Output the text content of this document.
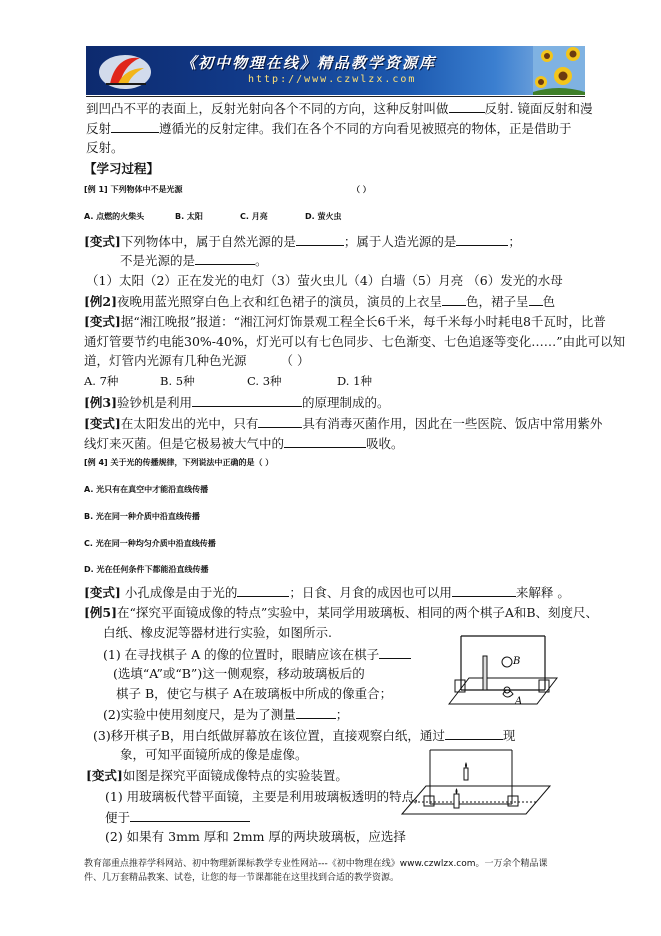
《初中物理在线》精品教学资源库
http://www.czwlzx.com
到凹凸不平的表面上，反射光射向各个不同的方向，这种反射叫做	反射. 镜面反射和漫
反射	遵循光的反射定律。我们在各个不同的方向看见被照亮的物体，正是借助于
反射。
【学习过程】
[例 1] 下列物体中不是光源	（ ）
A. 点燃的火柴头	B. 太阳	C. 月亮	D. 萤火虫
[变式]下列物体中，属于自然光源的是	；属于人造光源的是	；
不是光源的是	。
（1）太阳（2）正在发光的电灯（3）萤火虫儿（4）白墙（5）月亮 （6）发光的水母
[例2]夜晚用蓝光照穿白色上衣和红色裙子的演员，演员的上衣呈 色，裙子呈 色
[变式]据“湘江晚报”报道：“湘江河灯饰景观工程全长6千米，每千米每小时耗电8千瓦时，比普
通灯管要节约电能30%-40%，灯光可以有七色同步、七色渐变、七色追逐等变化……”由此可以知
道，灯管内光源有几种色光源	（ ）
A. 7种	B. 5种	C. 3种	D. 1种
[例3]验钞机是利用	的原理制成的。
[变式]在太阳发出的光中，只有	具有消毒灭菌作用，因此在一些医院、饭店中常用紫外
线灯来灭菌。但是它极易被大气中的	吸收。
[例 4] 关于光的传播规律，下列说法中正确的是（ ）
A. 光只有在真空中才能沿直线传播
B. 光在同一种介质中沿直线传播
C. 光在同一种均匀介质中沿直线传播
D. 光在任何条件下都能沿直线传播
[变式] 小孔成像是由于光的	；日食、月食的成因也可以用	来解释 。
[例5]在“探究平面镜成像的特点”实验中，某同学用玻璃板、相同的两个棋子A和B、刻度尺、
白纸、橡皮泥等器材进行实验，如图所示.
(1) 在寻找棋子 A 的像的位置时，眼睛应该在棋子
(选填“A”或“B”)这一侧观察，移动玻璃板后的
棋子 B，使它与棋子 A在玻璃板中所成的像重合；
(2)实验中使用刻度尺，是为了测量	；
(3)移开棋子B，用白纸做屏幕放在该位置，直接观察白纸，通过	现
象，可知平面镜所成的像是虚像。
B
A
[变式]如图是探究平面镜成像特点的实验装置。
(1) 用玻璃板代替平面镜，主要是利用玻璃板透明的特点，
便于
(2) 如果有 3mm 厚和 2mm 厚的两块玻璃板，应选择
教育部重点推荐学科网站、初中物理新课标教学专业性网站---《初中物理在线》www.czwlzx.com。一万余个精品课
件、几万套精品教案、试卷，让您的每一节课都能在这里找到合适的教学资源。
